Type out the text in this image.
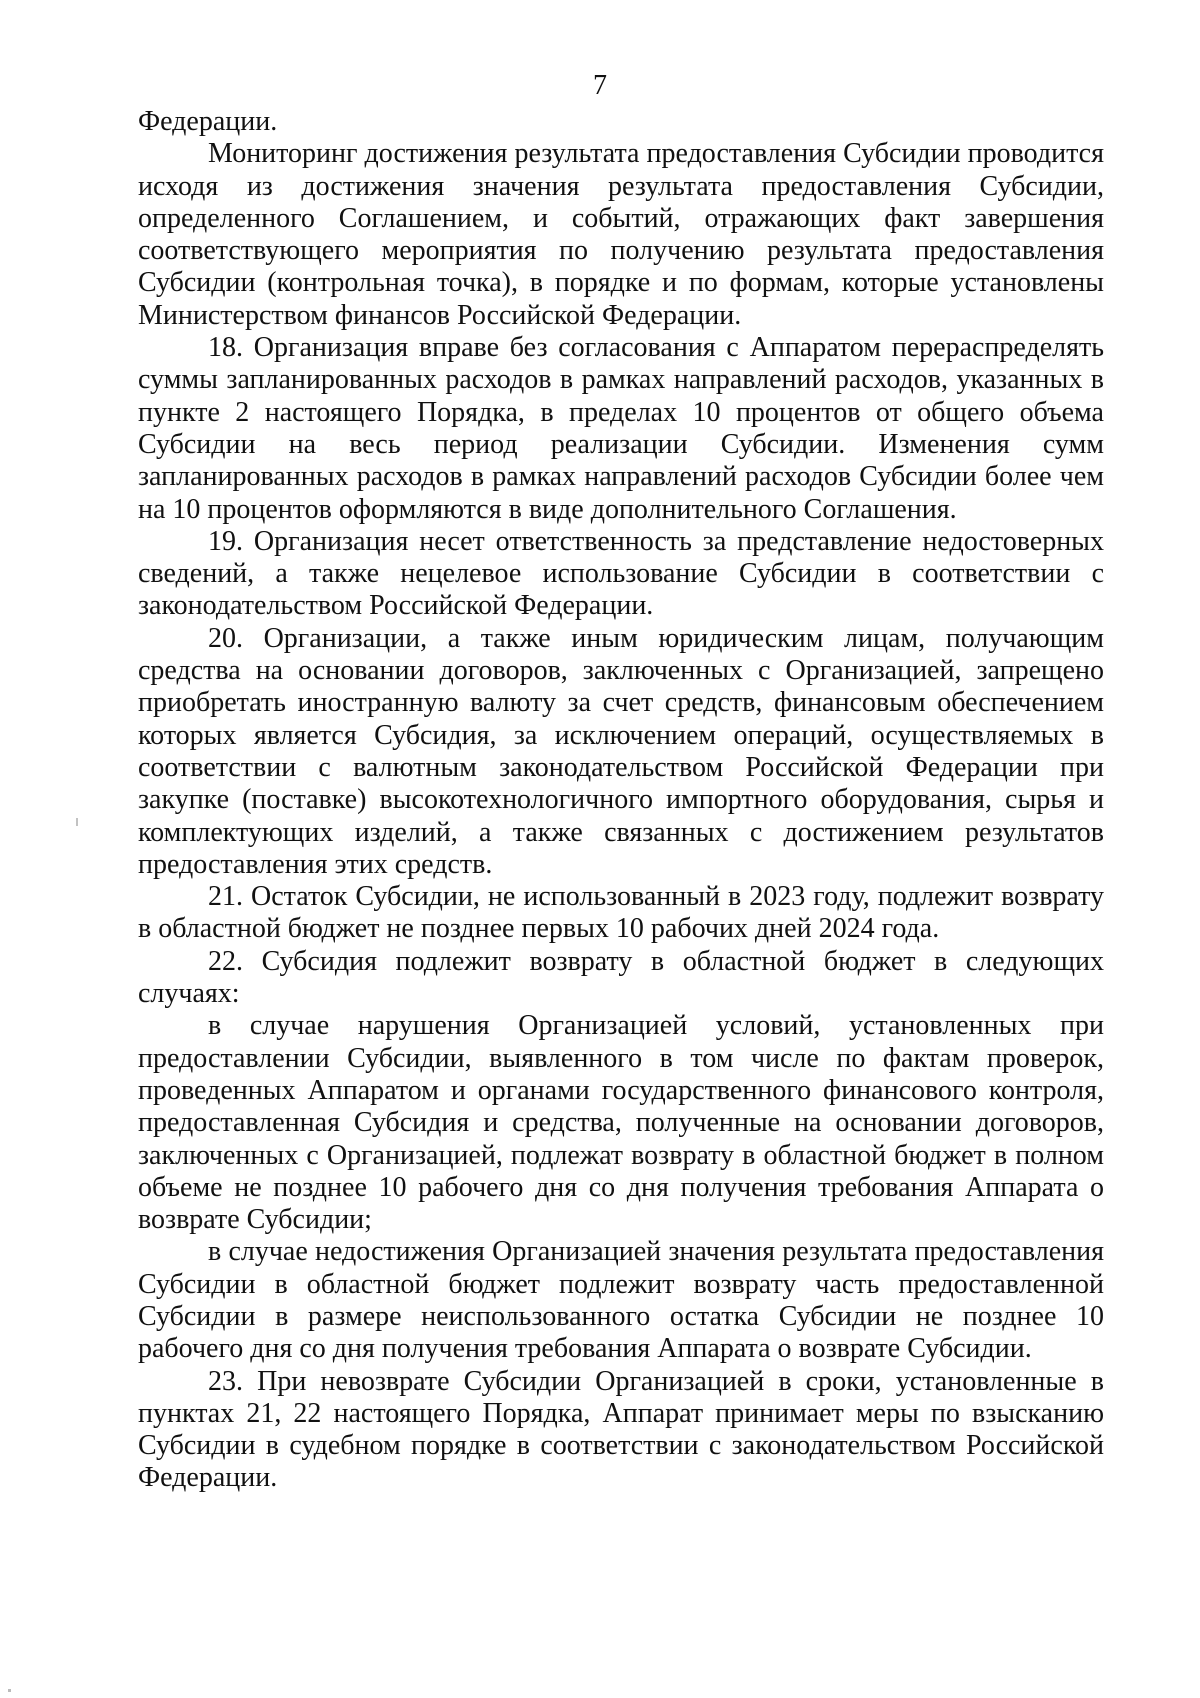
7

Федерации.

Мониторинг достижения результата предоставления Субсидии проводится исходя из достижения значения результата предоставления Субсидии, определенного Соглашением, и событий, отражающих факт завершения соответствующего мероприятия по получению результата предоставления Субсидии (контрольная точка), в порядке и по формам, которые установлены Министерством финансов Российской Федерации.

18. Организация вправе без согласования с Аппаратом перераспределять суммы запланированных расходов в рамках направлений расходов, указанных в пункте 2 настоящего Порядка, в пределах 10 процентов от общего объема Субсидии на весь период реализации Субсидии. Изменения сумм запланированных расходов в рамках направлений расходов Субсидии более чем на 10 процентов оформляются в виде дополнительного Соглашения.

19. Организация несет ответственность за представление недостоверных сведений, а также нецелевое использование Субсидии в соответствии с законодательством Российской Федерации.

20. Организации, а также иным юридическим лицам, получающим средства на основании договоров, заключенных с Организацией, запрещено приобретать иностранную валюту за счет средств, финансовым обеспечением которых является Субсидия, за исключением операций, осуществляемых в соответствии с валютным законодательством Российской Федерации при закупке (поставке) высокотехнологичного импортного оборудования, сырья и комплектующих изделий, а также связанных с достижением результатов предоставления этих средств.

21. Остаток Субсидии, не использованный в 2023 году, подлежит возврату в областной бюджет не позднее первых 10 рабочих дней 2024 года.

22. Субсидия подлежит возврату в областной бюджет в следующих случаях:

в случае нарушения Организацией условий, установленных при предоставлении Субсидии, выявленного в том числе по фактам проверок, проведенных Аппаратом и органами государственного финансового контроля, предоставленная Субсидия и средства, полученные на основании договоров, заключенных с Организацией, подлежат возврату в областной бюджет в полном объеме не позднее 10 рабочего дня со дня получения требования Аппарата о возврате Субсидии;

в случае недостижения Организацией значения результата предоставления Субсидии в областной бюджет подлежит возврату часть предоставленной Субсидии в размере неиспользованного остатка Субсидии не позднее 10 рабочего дня со дня получения требования Аппарата о возврате Субсидии.

23. При невозврате Субсидии Организацией в сроки, установленные в пунктах 21, 22 настоящего Порядка, Аппарат принимает меры по взысканию Субсидии в судебном порядке в соответствии с законодательством Российской Федерации.
